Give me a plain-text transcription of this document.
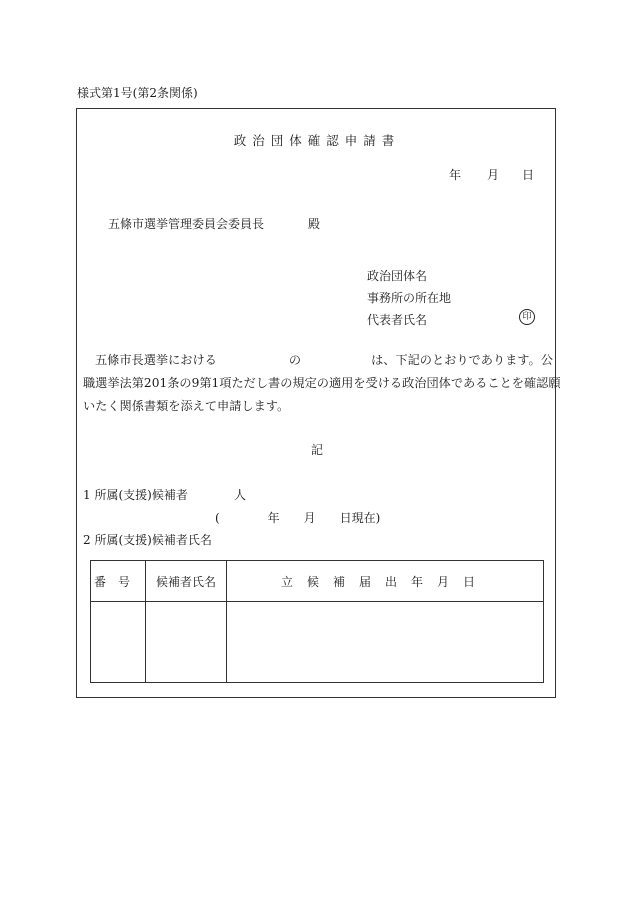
様式第1号(第2条関係)
政治団体確認申請書
年 月 日
五條市選挙管理委員会委員長	殿
政治団体名
事務所の所在地
代表者氏名	印
五條市長選挙における	の	は、下記のとおりであります。公
職選挙法第201条の9第1項ただし書の規定の適用を受ける政治団体であることを確認願
いたく関係書類を添えて申請します。
記
1 所属(支援)候補者	人
(　　　　年　　月　　日現在)
2 所属(支援)候補者氏名
番号	候補者氏名	立候補届出年月日
